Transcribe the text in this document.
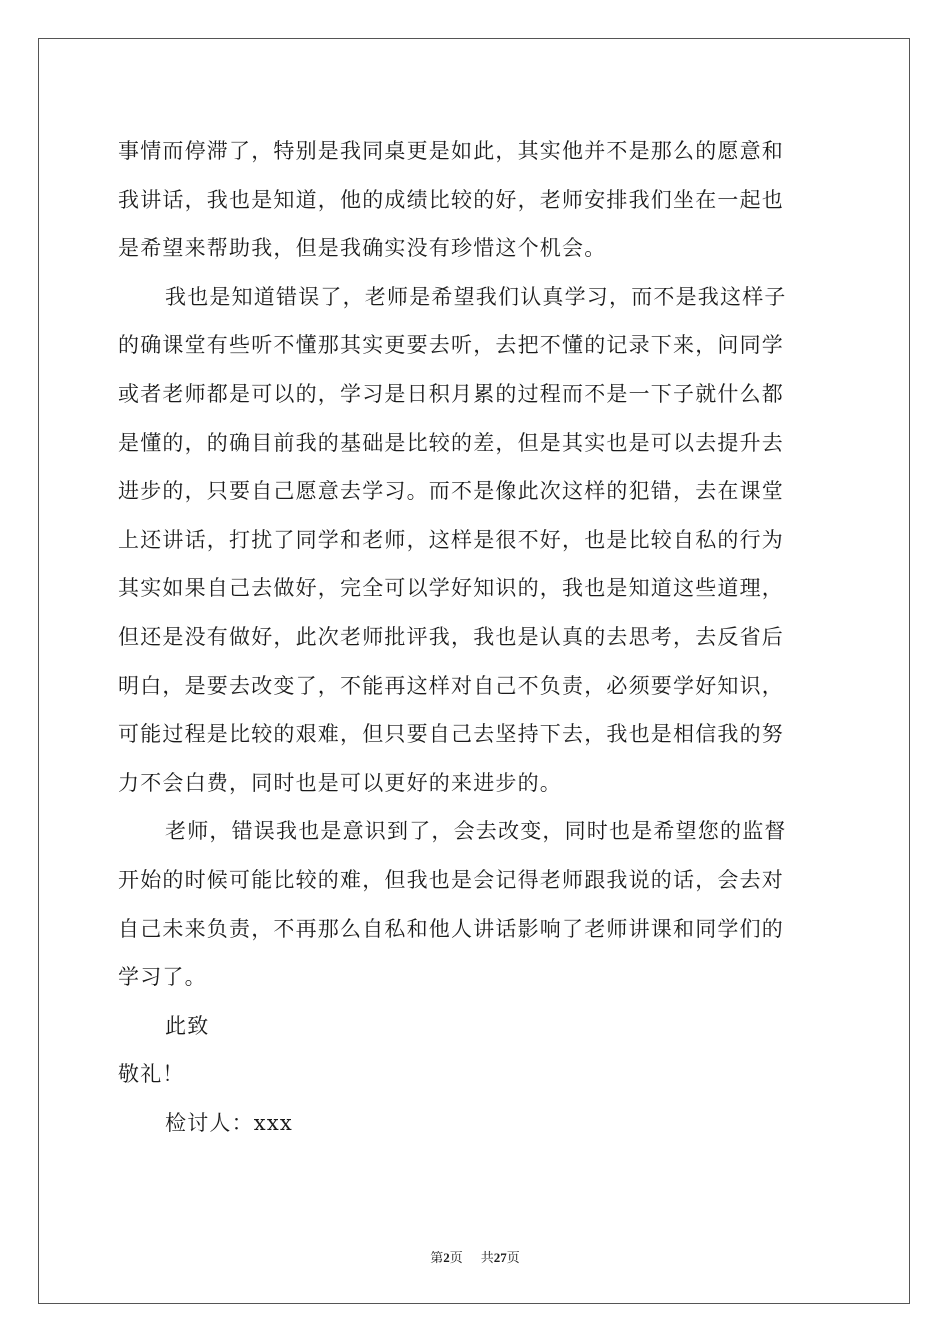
事情而停滞了，特别是我同桌更是如此，其实他并不是那么的愿意和
我讲话，我也是知道，他的成绩比较的好，老师安排我们坐在一起也
是希望来帮助我，但是我确实没有珍惜这个机会。
我也是知道错误了，老师是希望我们认真学习，而不是我这样子
的确课堂有些听不懂那其实更要去听，去把不懂的记录下来，问同学
或者老师都是可以的，学习是日积月累的过程而不是一下子就什么都
是懂的，的确目前我的基础是比较的差，但是其实也是可以去提升去
进步的，只要自己愿意去学习。而不是像此次这样的犯错，去在课堂
上还讲话，打扰了同学和老师，这样是很不好，也是比较自私的行为
其实如果自己去做好，完全可以学好知识的，我也是知道这些道理，
但还是没有做好，此次老师批评我，我也是认真的去思考，去反省后
明白，是要去改变了，不能再这样对自己不负责，必须要学好知识，
可能过程是比较的艰难，但只要自己去坚持下去，我也是相信我的努
力不会白费，同时也是可以更好的来进步的。
老师，错误我也是意识到了，会去改变，同时也是希望您的监督
开始的时候可能比较的难，但我也是会记得老师跟我说的话，会去对
自己未来负责，不再那么自私和他人讲话影响了老师讲课和同学们的
学习了。
此致
敬礼！
检讨人：xxx
第2页 共27页
